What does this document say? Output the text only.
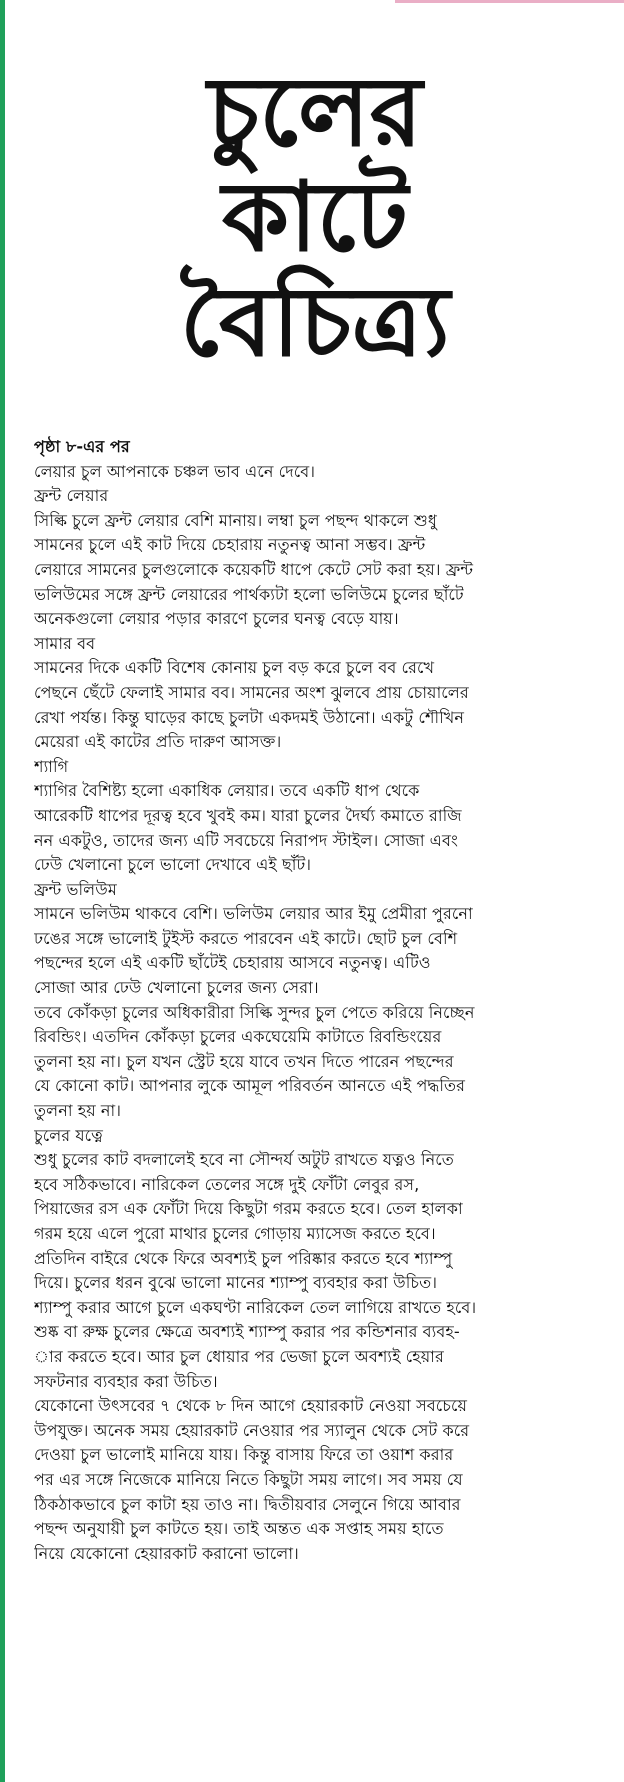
চুলের
কাটে
বৈচিত্র্য
পৃষ্ঠা ৮-এর পর
লেয়ার চুল আপনাকে চঞ্চল ভাব এনে দেবে।
ফ্রন্ট লেয়ার
সিল্কি চুলে ফ্রন্ট লেয়ার বেশি মানায়। লম্বা চুল পছন্দ থাকলে শুধু
সামনের চুলে এই কাট দিয়ে চেহারায় নতুনত্ব আনা সম্ভব। ফ্রন্ট
লেয়ারে সামনের চুলগুলোকে কয়েকটি ধাপে কেটে সেট করা হয়। ফ্রন্ট
ভলিউমের সঙ্গে ফ্রন্ট লেয়ারের পার্থক্যটা হলো ভলিউমে চুলের ছাঁটে
অনেকগুলো লেয়ার পড়ার কারণে চুলের ঘনত্ব বেড়ে যায়।
সামার বব
সামনের দিকে একটি বিশেষ কোনায় চুল বড় করে চুলে বব রেখে
পেছনে ছেঁটে ফেলাই সামার বব। সামনের অংশ ঝুলবে প্রায় চোয়ালের
রেখা পর্যন্ত। কিন্তু ঘাড়ের কাছে চুলটা একদমই উঠানো। একটু শৌখিন
মেয়েরা এই কাটের প্রতি দারুণ আসক্ত।
শ্যাগি
শ্যাগির বৈশিষ্ট্য হলো একাধিক লেয়ার। তবে একটি ধাপ থেকে
আরেকটি ধাপের দূরত্ব হবে খুবই কম। যারা চুলের দৈর্ঘ্য কমাতে রাজি
নন একটুও, তাদের জন্য এটি সবচেয়ে নিরাপদ স্টাইল। সোজা এবং
ঢেউ খেলানো চুলে ভালো দেখাবে এই ছাঁট।
ফ্রন্ট ভলিউম
সামনে ভলিউম থাকবে বেশি। ভলিউম লেয়ার আর ইমু প্রেমীরা পুরনো
ঢঙের সঙ্গে ভালোই টুইস্ট করতে পারবেন এই কাটে। ছোট চুল বেশি
পছন্দের হলে এই একটি ছাঁটেই চেহারায় আসবে নতুনত্ব। এটিও
সোজা আর ঢেউ খেলানো চুলের জন্য সেরা।
তবে কোঁকড়া চুলের অধিকারীরা সিল্কি সুন্দর চুল পেতে করিয়ে নিচ্ছেন
রিবন্ডিং। এতদিন কোঁকড়া চুলের একঘেয়েমি কাটাতে রিবন্ডিংয়ের
তুলনা হয় না। চুল যখন স্ট্রেট হয়ে যাবে তখন দিতে পারেন পছন্দের
যে কোনো কাট। আপনার লুকে আমূল পরিবর্তন আনতে এই পদ্ধতির
তুলনা হয় না।
চুলের যত্নে
শুধু চুলের কাট বদলালেই হবে না সৌন্দর্য অটুট রাখতে যত্নও নিতে
হবে সঠিকভাবে। নারিকেল তেলের সঙ্গে দুই ফোঁটা লেবুর রস,
পিয়াজের রস এক ফোঁটা দিয়ে কিছুটা গরম করতে হবে। তেল হালকা
গরম হয়ে এলে পুরো মাথার চুলের গোড়ায় ম্যাসেজ করতে হবে।
প্রতিদিন বাইরে থেকে ফিরে অবশ্যই চুল পরিষ্কার করতে হবে শ্যাম্পু
দিয়ে। চুলের ধরন বুঝে ভালো মানের শ্যাম্পু ব্যবহার করা উচিত।
শ্যাম্পু করার আগে চুলে একঘণ্টা নারিকেল তেল লাগিয়ে রাখতে হবে।
শুষ্ক বা রুক্ষ চুলের ক্ষেত্রে অবশ্যই শ্যাম্পু করার পর কন্ডিশনার ব্যবহ-
ার করতে হবে। আর চুল ধোয়ার পর ভেজা চুলে অবশ্যই হেয়ার
সফটনার ব্যবহার করা উচিত।
যেকোনো উৎসবের ৭ থেকে ৮ দিন আগে হেয়ারকাট নেওয়া সবচেয়ে
উপযুক্ত। অনেক সময় হেয়ারকাট নেওয়ার পর স্যালুন থেকে সেট করে
দেওয়া চুল ভালোই মানিয়ে যায়। কিন্তু বাসায় ফিরে তা ওয়াশ করার
পর এর সঙ্গে নিজেকে মানিয়ে নিতে কিছুটা সময় লাগে। সব সময় যে
ঠিকঠাকভাবে চুল কাটা হয় তাও না। দ্বিতীয়বার সেলুনে গিয়ে আবার
পছন্দ অনুযায়ী চুল কাটতে হয়। তাই অন্তত এক সপ্তাহ সময় হাতে
নিয়ে যেকোনো হেয়ারকাট করানো ভালো।
